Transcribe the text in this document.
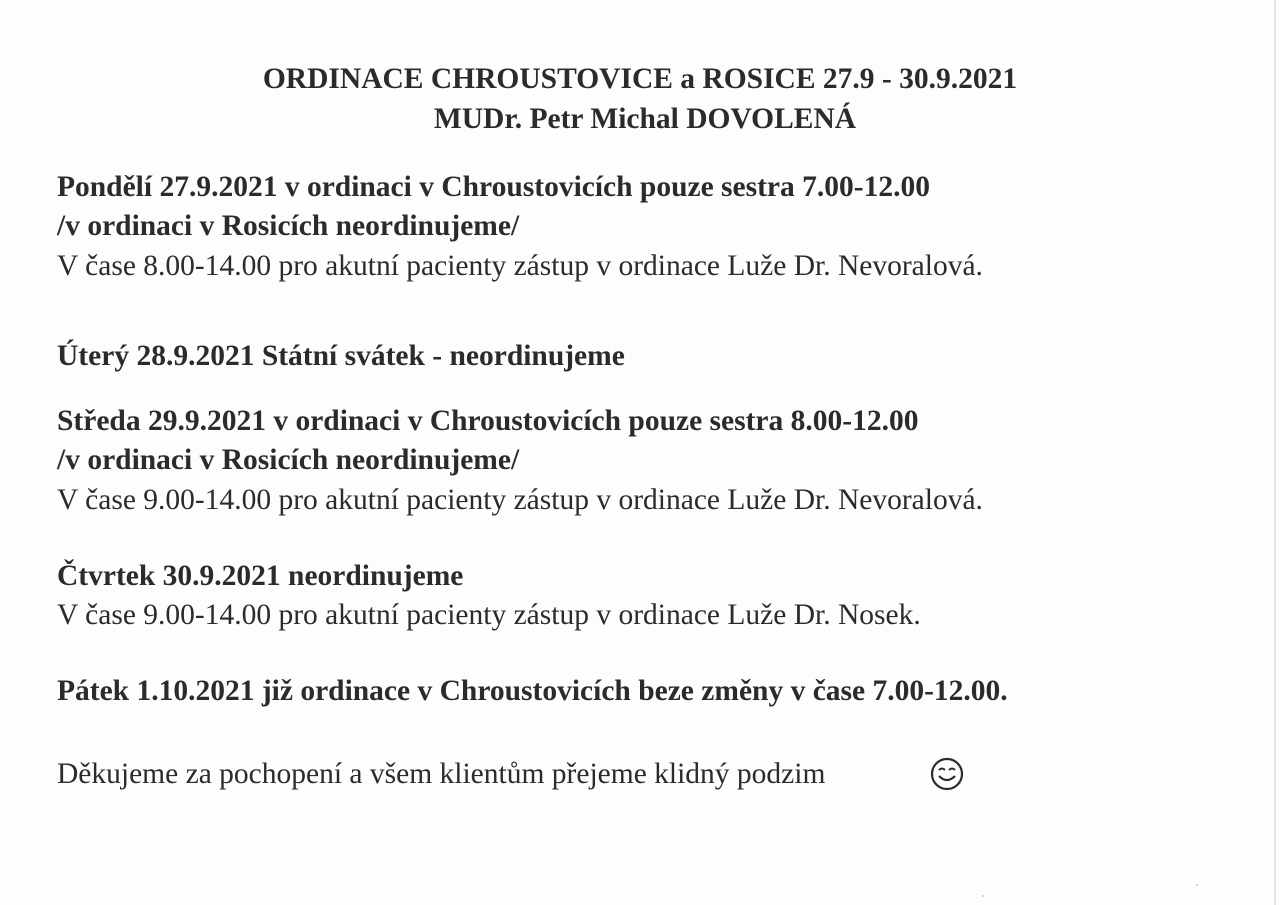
ORDINACE CHROUSTOVICE a ROSICE 27.9 - 30.9.2021
MUDr. Petr Michal DOVOLENÁ
Pondělí 27.9.2021 v ordinaci v Chroustovicích pouze sestra 7.00-12.00
/v ordinaci v Rosicích neordinujeme/
V čase 8.00-14.00 pro akutní pacienty zástup v ordinace Luže Dr. Nevoralová.
Úterý 28.9.2021 Státní svátek - neordinujeme
Středa 29.9.2021 v ordinaci v Chroustovicích pouze sestra 8.00-12.00
/v ordinaci v Rosicích neordinujeme/
V čase 9.00-14.00 pro akutní pacienty zástup v ordinace Luže Dr. Nevoralová.
Čtvrtek 30.9.2021 neordinujeme
V čase 9.00-14.00 pro akutní pacienty zástup v ordinace Luže Dr. Nosek.
Pátek 1.10.2021 již ordinace v Chroustovicích beze změny v čase 7.00-12.00.
Děkujeme za pochopení a všem klientům přejeme klidný podzim
